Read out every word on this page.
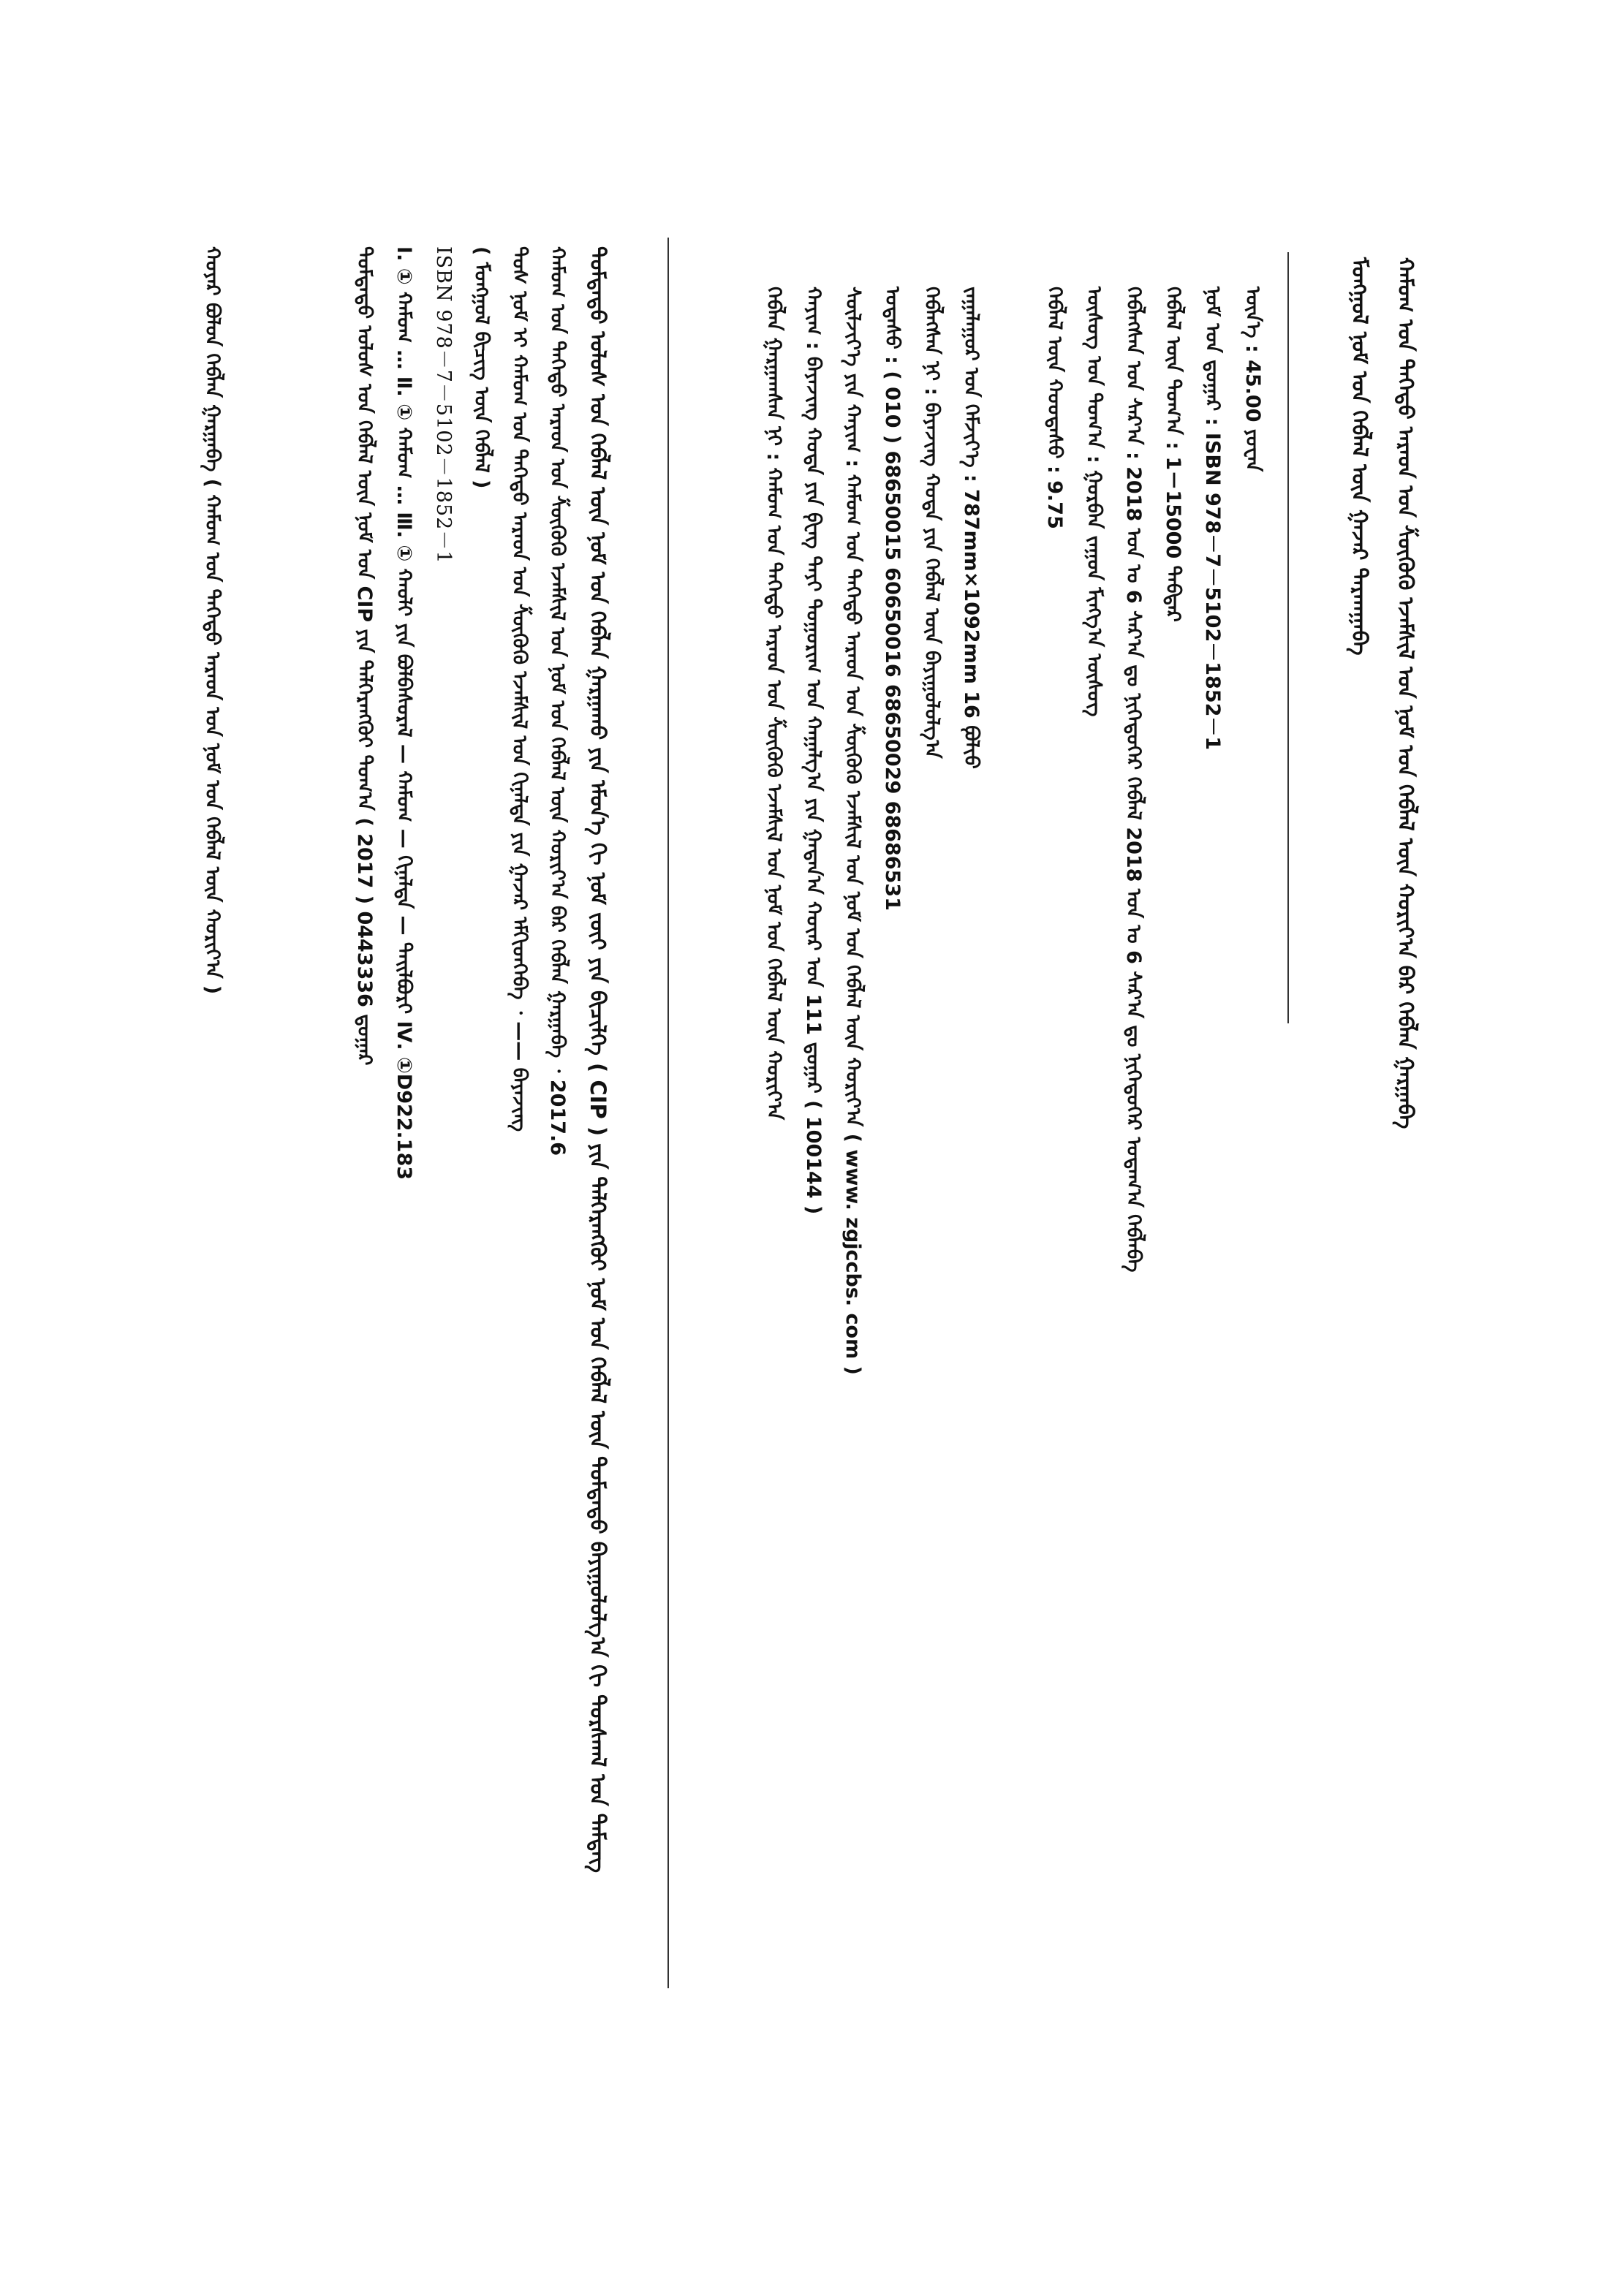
ᠬᠠᠮᠤᠭ ᠤᠨ ᠳᠡᠭᠡᠳᠦ ᠠᠷᠠᠳ ᠤᠨ ᠱᠦᠭᠦᠬᠦ ᠡᠵᠡᠮᠱᠢᠯ ᠤᠨ ᠨᠣᠮ ᠤᠨ ᠬᠡᠪᠯᠡᠯ ᠦᠨ ᠬᠣᠷᠢᠶ᠎ᠠ ᠪᠠᠷ ᠬᠡᠪᠯᠡᠨ ᠭᠠᠷᠭᠠᠪᠠ
ᠮᠣᠩᠭᠣᠯ ᠨᠣᠮ ᠤᠨ ᠬᠡᠪᠯᠡᠯ ᠦᠨ ᠭᠠᠵᠠᠷ ᠲᠠᠷᠬᠠᠭᠠᠪᠠ
ᠦᠨ᠎ᠡ : 45.00 ᠶᠤᠸᠠᠨ
ᠨᠣᠮ ᠤᠨ ᠳ᠋ᠤᠭᠠᠷ : ISBN 978－7－5102－1852－1
ᠬᠡᠪᠯᠡᠯ ᠦᠨ ᠲᠣᠭ᠎ᠠ : 1－15000 ᠳᠡᠪᠲᠡᠷ
ᠬᠡᠪᠯᠡᠭᠰᠡᠨ ᠣᠨ ᠰᠠᠷ᠎ᠠ : 2018 ᠣᠨ ᠤ 6 ᠰᠠᠷ᠎ᠠ ᠳᠤ ᠨᠢᠭᠡᠳᠦᠭᠡᠷ ᠬᠡᠪᠯᠡᠯ 2018 ᠣᠨ ᠤ 6 ᠰᠠᠷ᠎ᠠ ᠳᠤ ᠨᠢᠭᠡᠳᠦᠭᠡᠷ ᠤᠳᠠᠭ᠎ᠠ ᠬᠡᠪᠯᠡᠪᠡ
ᠦᠰᠦᠭ ᠤᠨ ᠲᠣᠭ᠎ᠠ : ᠭᠤᠷᠪᠠᠨ ᠵᠠᠭᠤᠨ ᠮᠢᠩᠭ᠎ᠠ ᠦᠰᠦᠭ
ᠬᠡᠪᠯᠡᠯ ᠦᠨ ᠬᠤᠤᠳᠠᠰᠤ : 9.75
ᠵᠠᠭᠠᠯᠠᠭᠤᠷ ᠤᠨ ᠬᠡᠮᠵᠢᠶ᠎ᠡ : 787mm×1092mm 16 ᠹᠣᠯᠢᠣ
ᠬᠡᠪᠯᠡᠭᠰᠡᠨ ᠨᠢ : ᠪᠡᠶᠡᠵᠢᠩ ᠬᠣᠲᠠ ᠶᠢᠨ ᠬᠡᠪᠯᠡᠯ ᠦᠨ ᠪᠠᠶᠢᠭᠤᠯᠤᠯᠭ᠎ᠠ
ᠤᠲᠠᠰᠤ : ( 010 ) 68650015 60650016 68650029 68686531
ᠰᠦᠯᠵᠢᠶ᠎ᠡ ᠶᠢᠨ ᠬᠠᠶᠢᠭ : ᠬᠠᠮᠤᠭ ᠤᠨ ᠳᠡᠭᠡᠳᠦ ᠠᠷᠠᠳ ᠤᠨ ᠱᠦᠭᠦᠬᠦ ᠡᠵᠡᠮᠱᠢᠯ ᠤᠨ ᠨᠣᠮ ᠤᠨ ᠬᠡᠪᠯᠡᠯ ᠦᠨ ᠬᠣᠷᠢᠶ᠎ᠠ ( www. zgjccbs. com )
ᠬᠠᠶᠢᠭ : ᠪᠡᠶᠡᠵᠢᠩ ᠬᠣᠲᠠ ᠶᠢᠨ ᠹᠧᠩ ᠲᠠᠶᠢ ᠲᠣᠭᠣᠷᠢᠭ ᠤᠨ ᠬᠠᠭᠠᠯᠭ᠎ᠠ ᠶᠢᠨ ᠭᠠᠳᠠᠨ᠎ᠠ ᠬᠣᠶ᠋ᠠᠷ ᠤᠨ 111 ᠳ᠋ᠤᠭᠠᠷ ( 100144 )
ᠬᠡᠪᠯᠡᠨ ᠭᠠᠷᠭᠠᠭᠰᠠᠨ ᠨᠢ : ᠬᠠᠮᠤᠭ ᠤᠨ ᠳᠡᠭᠡᠳᠦ ᠠᠷᠠᠳ ᠤᠨ ᠱᠦᠭᠦᠬᠦ ᠡᠵᠡᠮᠱᠢᠯ ᠤᠨ ᠨᠣᠮ ᠤᠨ ᠬᠡᠪᠯᠡᠯ ᠦᠨ ᠬᠣᠷᠢᠶ᠎ᠠ
ᠳᠤᠮᠳᠠᠳᠤ ᠤᠯᠤᠰ ᠤᠨ ᠬᠡᠪᠯᠡᠯ ᠦᠨ ᠨᠣᠮ ᠤᠨ ᠬᠡᠪᠯᠡᠨ ᠭᠠᠷᠭᠠᠬᠤ ᠶᠢᠨ ᠡᠮᠦᠨ᠎ᠡ ᠬᠢ ᠨᠣᠮ ᠵᠦᠢ ᠶᠢᠨ ᠪᠢᠴᠢᠯᠭᠡ ( CIP ) ᠶᠢᠨ ᠳᠡᠯᠭᠡᠷᠡᠩᠭᠦᠢ ᠨᠣᠮ ᠤᠨ ᠬᠡᠪᠯᠡᠯ ᠦᠨ ᠳᠤᠮᠳᠠᠳᠤ ᠪᠠᠶᠢᠭᠤᠯᠤᠯᠭ᠎ᠠ ᠬᠢ ᠳᠤᠷᠰᠬᠠᠯ ᠤᠨ ᠲᠡᠮᠳᠡᠭ
ᠬᠠᠮᠤᠭ ᠤᠨ ᠳᠡᠭᠡᠳᠦ ᠠᠷᠠᠳ ᠤᠨ ᠱᠦᠭᠦᠬᠦ ᠡᠵᠡᠮᠱᠢᠯ ᠤᠨ ᠨᠣᠮ ᠤᠨ ᠬᠡᠪᠯᠡᠯ ᠦᠨ ᠬᠣᠷᠢᠶ᠎ᠠ ᠪᠠᠷ ᠬᠡᠪᠯᠡᠨ ᠭᠠᠷᠭᠠᠪᠠ ᠂ 2017.6
ᠲᠤᠰ ᠨᠣᠮ ᠢ ᠬᠠᠮᠤᠭ ᠤᠨ ᠳᠡᠭᠡᠳᠦ ᠠᠷᠠᠳ ᠤᠨ ᠱᠦᠭᠦᠬᠦ ᠡᠵᠡᠮᠱᠢᠯ ᠤᠨ ᠬᠢᠨᠠᠯᠲᠠ ᠶᠢᠨ ᠭᠠᠵᠠᠷ ᠡᠮᠬᠢᠳᠬᠡᠪᠡ ᠂ —— ᠪᠡᠶᠡᠵᠢᠩ
( ᠮᠣᠩᠭᠣᠯ ᠪᠢᠴᠢᠭ ᠦᠨ ᠬᠡᠪᠯᠡᠯ )
ISBN 978－7－5102－1852－1
Ⅰ. ① ᠬᠠᠮᠤᠭ … Ⅱ. ① ᠬᠠᠮᠤᠭ … Ⅲ. ① ᠬᠠᠤᠯᠢ ᠶᠢᠨ ᠪᠣᠯᠪᠠᠰᠤᠷᠠᠯ — ᠬᠠᠮᠤᠭ — ᠬᠢᠨᠠᠯᠲᠠ — ᠲᠠᠢᠯᠪᠤᠷᠢ Ⅳ. ①D922.183
ᠳᠤᠮᠳᠠᠳᠤ ᠤᠯᠤᠰ ᠤᠨ ᠬᠡᠪᠯᠡᠯ ᠦᠨ ᠨᠣᠮ ᠤᠨ CIP ᠶᠢᠨ ᠳᠡᠯᠭᠡᠷᠡᠩᠭᠦᠢ ᠲᠣᠭ᠎ᠠ ( 2017 ) 0443336 ᠳ᠋ᠤᠭᠠᠷ
ᠬᠣᠶᠠᠷ ᠪᠣᠯᠤᠨ ᠬᠡᠪᠯᠡᠨ ᠭᠠᠷᠭᠠᠪᠠ ( ᠬᠠᠮᠤᠭ ᠤᠨ ᠳᠡᠭᠡᠳᠦ ᠠᠷᠠᠳ ᠤᠨ ᠨᠣᠮ ᠤᠨ ᠬᠡᠪᠯᠡᠯ ᠦᠨ ᠬᠣᠷᠢᠶ᠎ᠠ )
